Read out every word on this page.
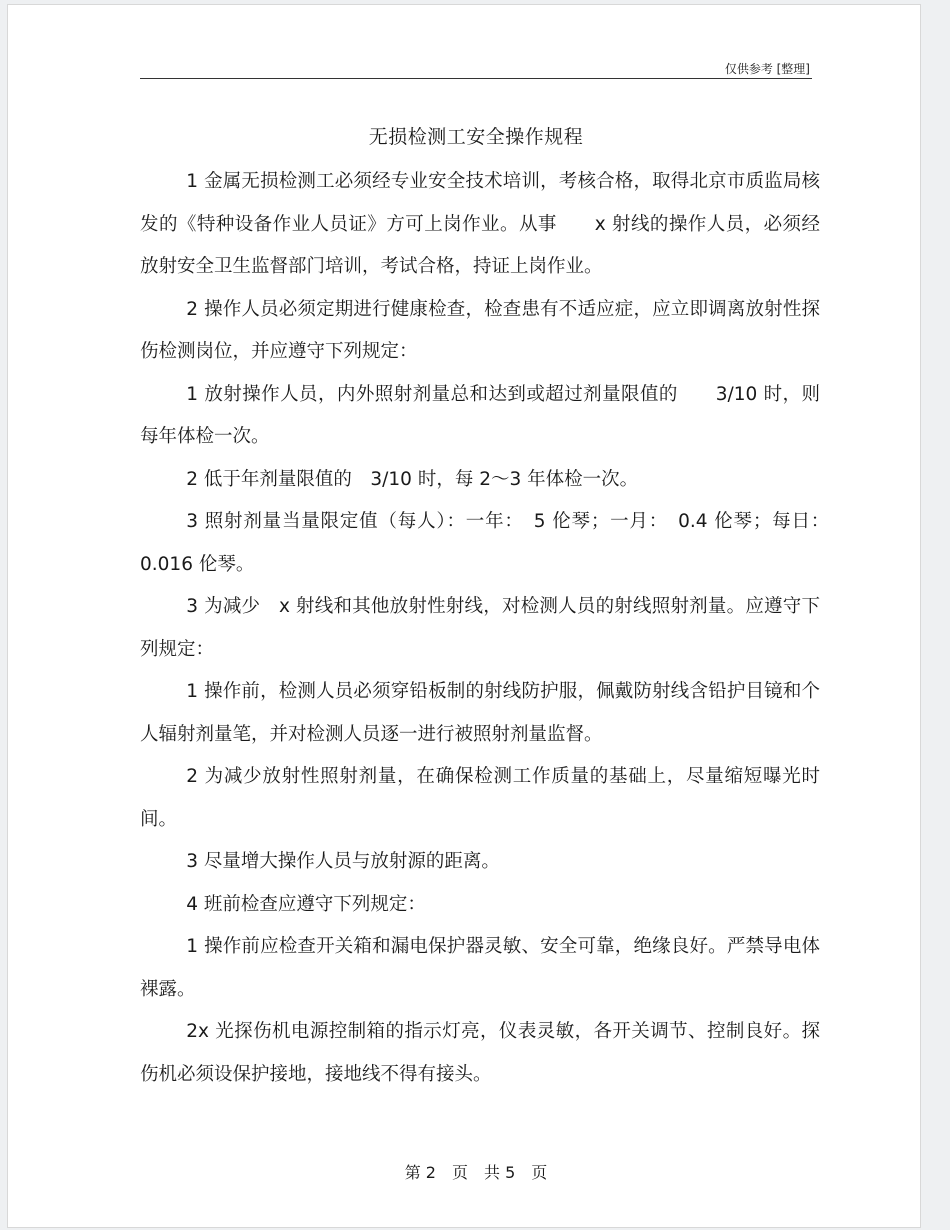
仅供参考 [整理]
无损检测工安全操作规程

1 金属无损检测工必须经专业安全技术培训，考核合格，取得北京市质监局核发的《特种设备作业人员证》方可上岗作业。从事　　x 射线的操作人员，必须经放射安全卫生监督部门培训，考试合格，持证上岗作业。

2 操作人员必须定期进行健康检查，检查患有不适应症，应立即调离放射性探伤检测岗位，并应遵守下列规定：

1 放射操作人员，内外照射剂量总和达到或超过剂量限值的　　3/10 时，则每年体检一次。

2 低于年剂量限值的　3/10 时，每 2～3 年体检一次。

3 照射剂量当量限定值（每人）：一年：　5 伦琴；一月：　0.4 伦琴；每日：　0.016 伦琴。

3 为减少　x 射线和其他放射性射线，对检测人员的射线照射剂量。应遵守下列规定：

1 操作前，检测人员必须穿铅板制的射线防护服，佩戴防射线含铅护目镜和个人辐射剂量笔，并对检测人员逐一进行被照射剂量监督。

2 为减少放射性照射剂量，在确保检测工作质量的基础上，尽量缩短曝光时间。

3 尽量增大操作人员与放射源的距离。

4 班前检查应遵守下列规定：

1 操作前应检查开关箱和漏电保护器灵敏、安全可靠，绝缘良好。严禁导电体裸露。

2x 光探伤机电源控制箱的指示灯亮，仪表灵敏，各开关调节、控制良好。探伤机必须设保护接地，接地线不得有接头。

第 2　页　共 5　页
